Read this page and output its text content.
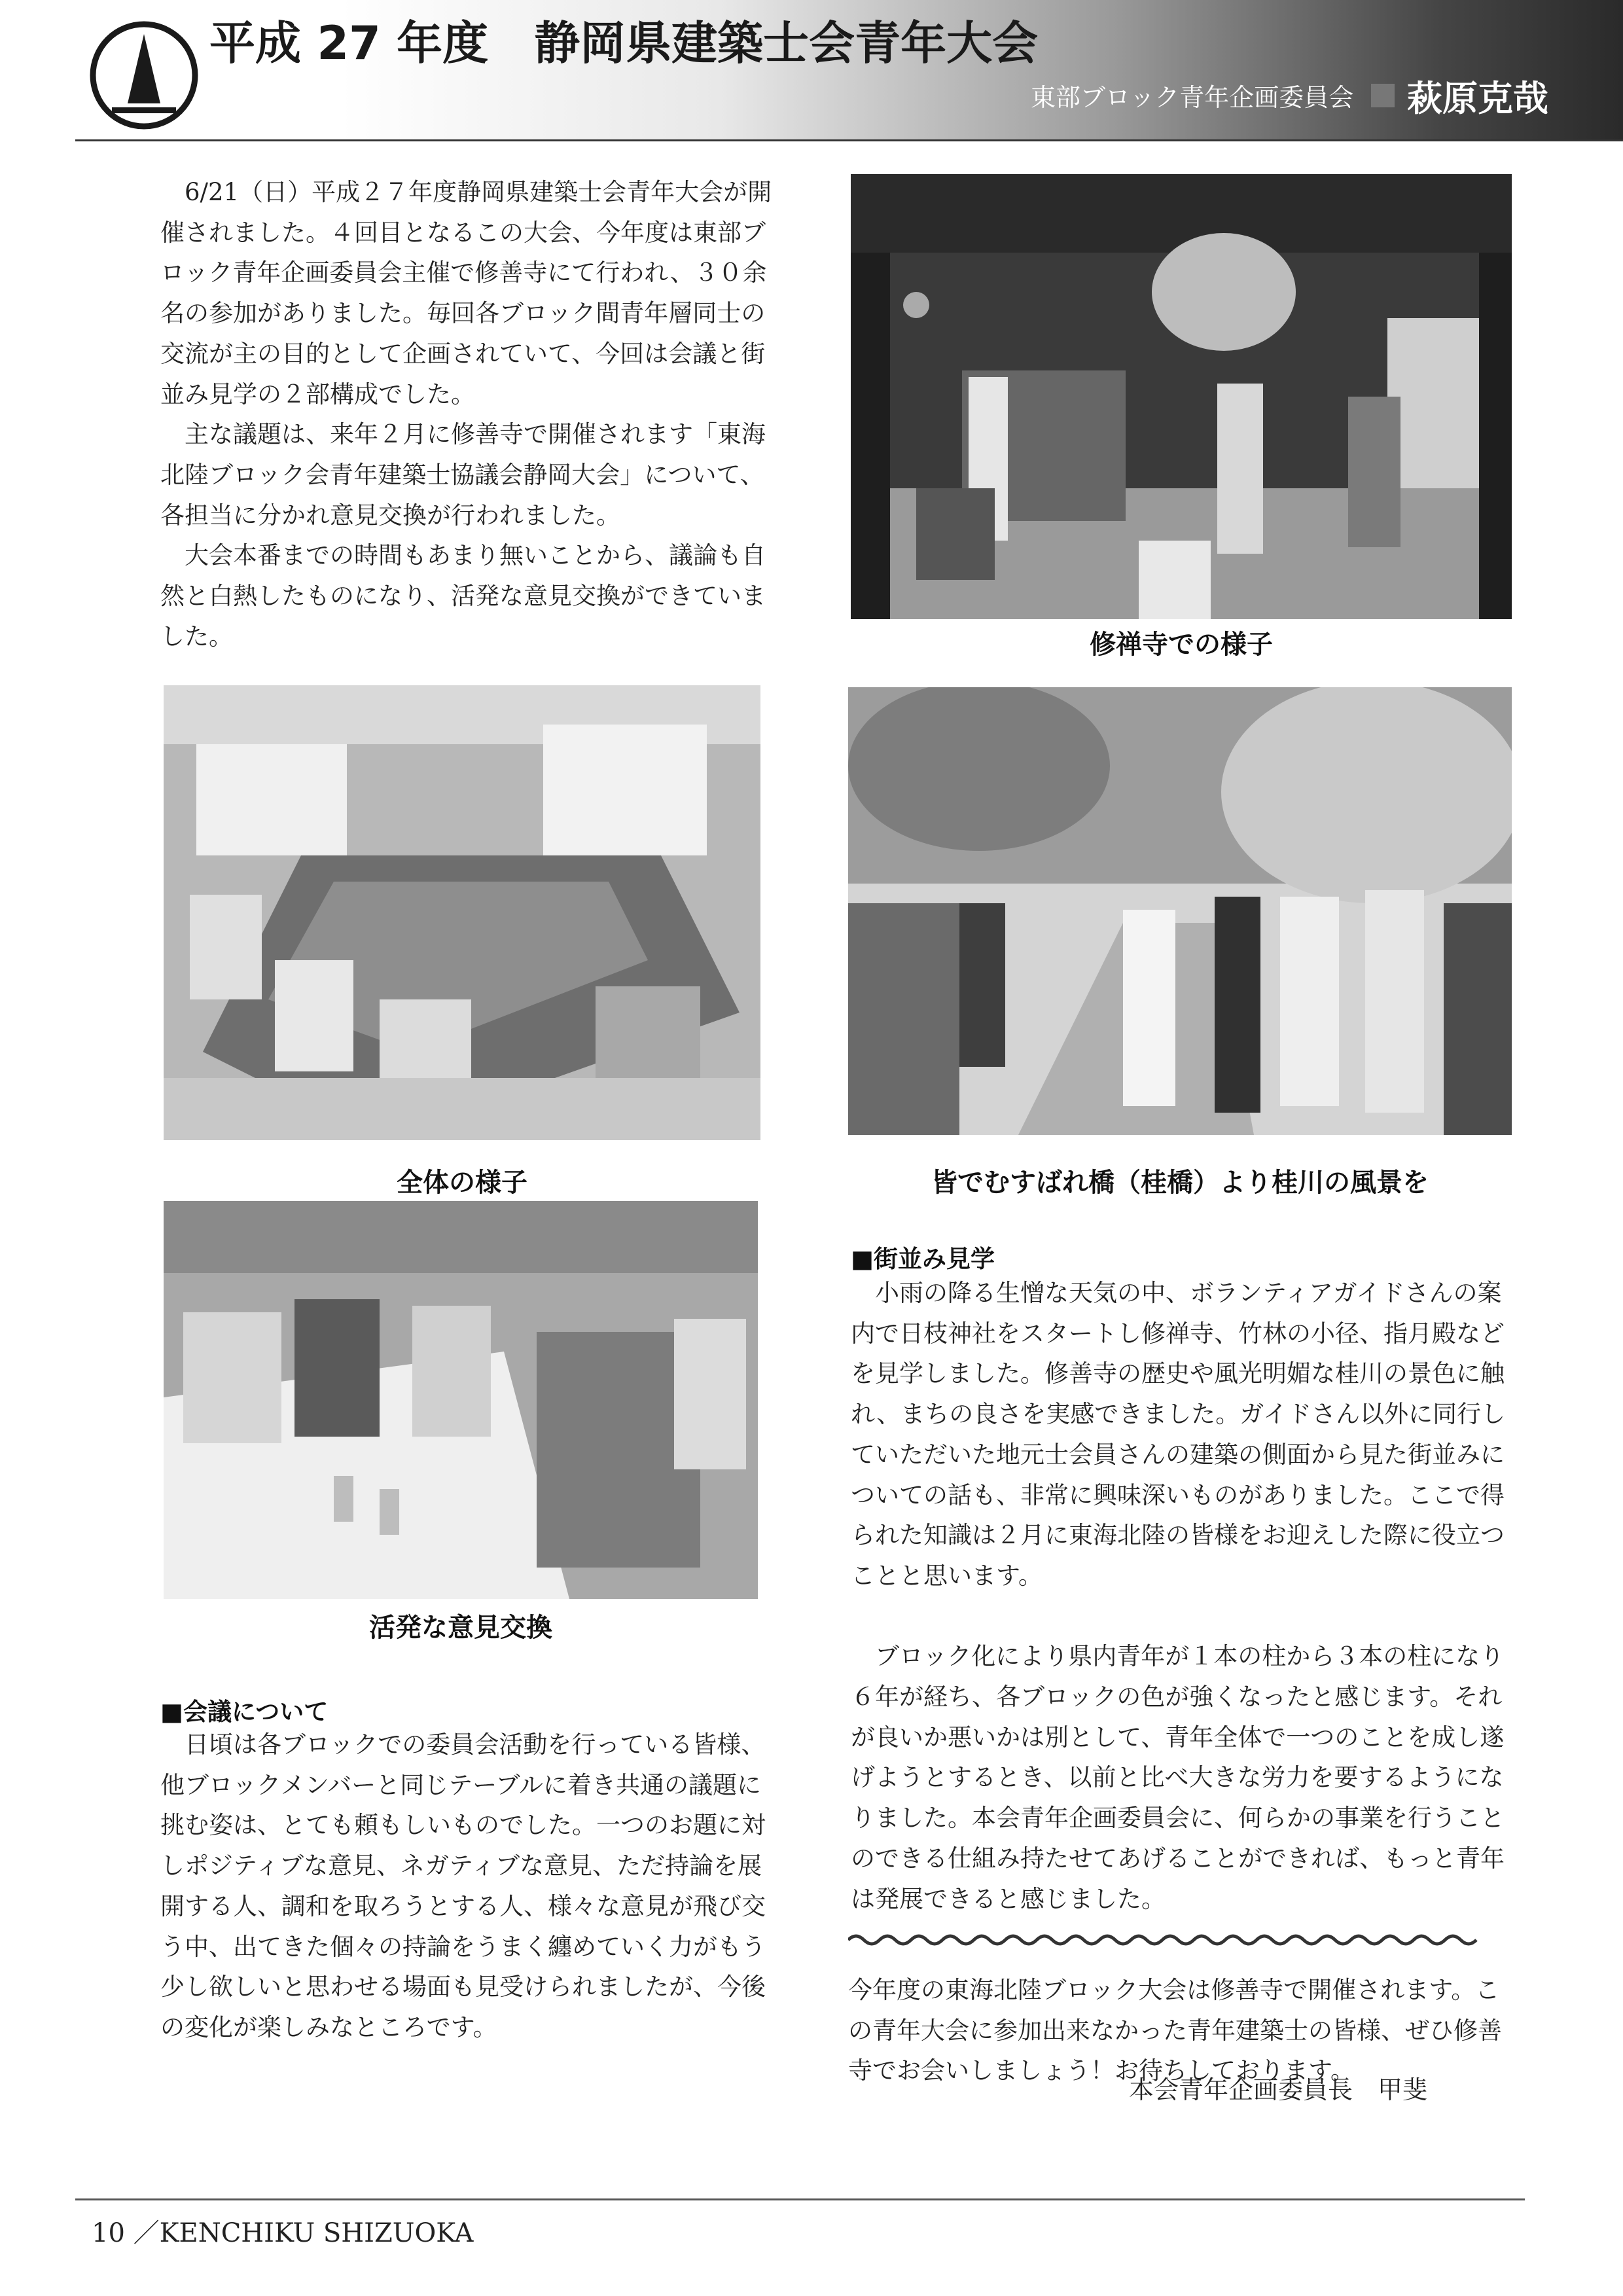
平成 27 年度　静岡県建築士会青年大会
東部ブロック青年企画委員会 萩原克哉

6/21（日）平成２７年度静岡県建築士会青年大会が開催されました。４回目となるこの大会、今年度は東部ブロック青年企画委員会主催で修善寺にて行われ、３０余名の参加がありました。毎回各ブロック間青年層同士の交流が主の目的として企画されていて、今回は会議と街並み見学の２部構成でした。

主な議題は、来年２月に修善寺で開催されます「東海北陸ブロック会青年建築士協議会静岡大会」について、各担当に分かれ意見交換が行われました。

大会本番までの時間もあまり無いことから、議論も自然と白熱したものになり、活発な意見交換ができていました。	修禅寺での様子
全体の様子	皆でむすばれ橋（桂橋）より桂川の風景を
活発な意見交換
■街並み見学

小雨の降る生憎な天気の中、ボランティアガイドさんの案内で日枝神社をスタートし修禅寺、竹林の小径、指月殿などを見学しました。修善寺の歴史や風光明媚な桂川の景色に触れ、まちの良さを実感できました。ガイドさん以外に同行していただいた地元士会員さんの建築の側面から見た街並みについての話も、非常に興味深いものがありました。ここで得られた知識は２月に東海北陸の皆様をお迎えした際に役立つことと思います。

ブロック化により県内青年が１本の柱から３本の柱になり６年が経ち、各ブロックの色が強くなったと感じます。それが良いか悪いかは別として、青年全体で一つのことを成し遂げようとするとき、以前と比べ大きな労力を要するようになりました。本会青年企画委員会に、何らかの事業を行うことのできる仕組み持たせてあげることができれば、もっと青年は発展できると感じました。

今年度の東海北陸ブロック大会は修善寺で開催されます。この青年大会に参加出来なかった青年建築士の皆様、ぜひ修善寺でお会いしましょう！お待ちしております。

本会青年企画委員長　甲斐
■会議について

日頃は各ブロックでの委員会活動を行っている皆様、他ブロックメンバーと同じテーブルに着き共通の議題に挑む姿は、とても頼もしいものでした。一つのお題に対しポジティブな意見、ネガティブな意見、ただ持論を展開する人、調和を取ろうとする人、様々な意見が飛び交う中、出てきた個々の持論をうまく纏めていく力がもう少し欲しいと思わせる場面も見受けられましたが、今後の変化が楽しみなところです。

10 ／KENCHIKU SHIZUOKA
